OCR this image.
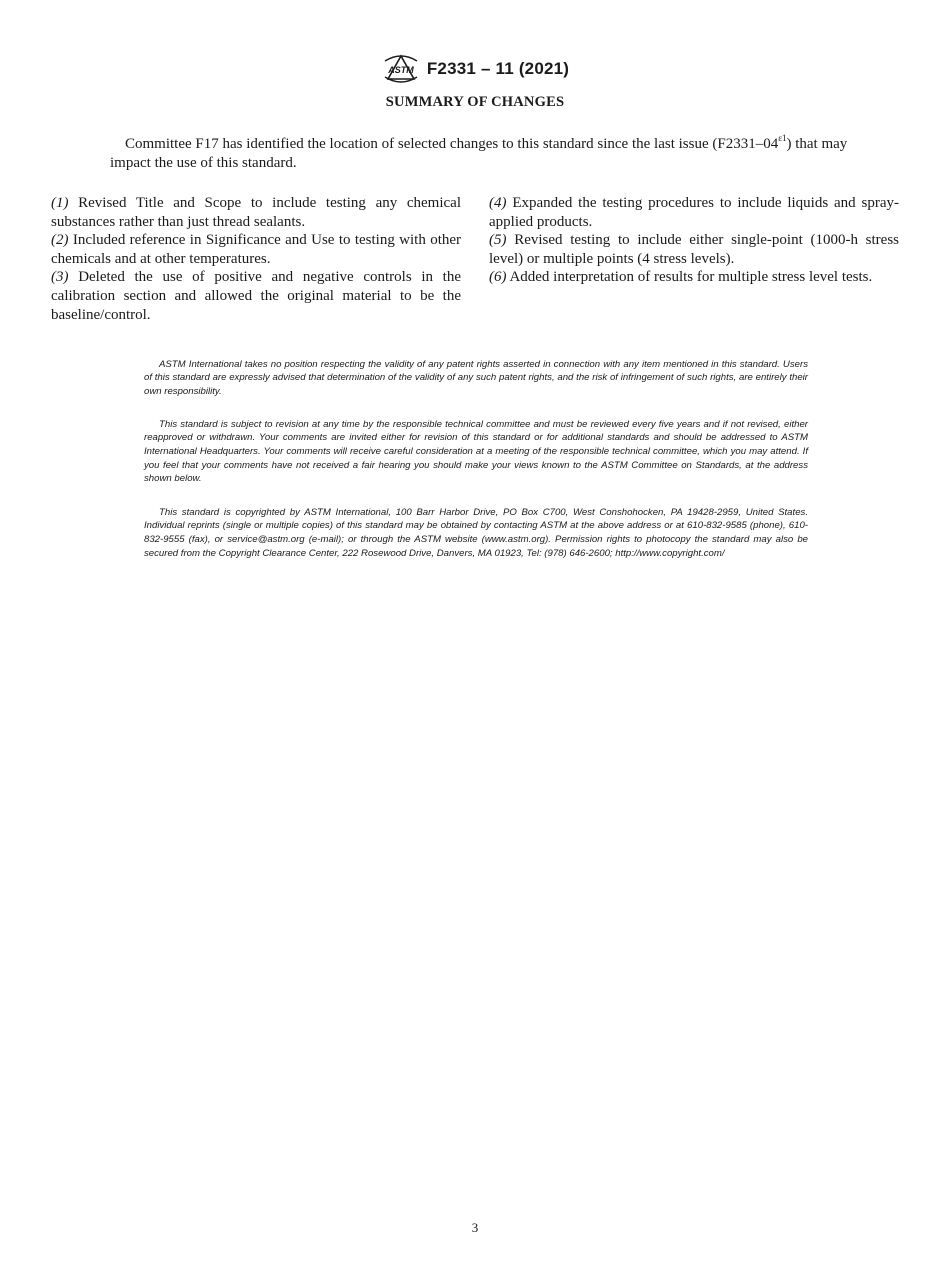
ASTM F2331 – 11 (2021)
SUMMARY OF CHANGES
Committee F17 has identified the location of selected changes to this standard since the last issue $(F2331-04^{\varepsilon 1})$ that may impact the use of this standard.

(1) Revised Title and Scope to include testing any chemical substances rather than just thread sealants.

(2) Included reference in Significance and Use to testing with other chemicals and at other temperatures.

(3) Deleted the use of positive and negative controls in the calibration section and allowed the original material to be the baseline/control.

(4) Expanded the testing procedures to include liquids and spray-applied products.

(5) Revised testing to include either single-point (1000-h stress level) or multiple points (4 stress levels).

(6) Added interpretation of results for multiple stress level tests.

ASTM International takes no position respecting the validity of any patent rights asserted in connection with any item mentioned in this standard. Users of this standard are expressly advised that determination of the validity of any such patent rights, and the risk of infringement of such rights, are entirely their own responsibility.

This standard is subject to revision at any time by the responsible technical committee and must be reviewed every five years and if not revised, either reapproved or withdrawn. Your comments are invited either for revision of this standard or for additional standards and should be addressed to ASTM International Headquarters. Your comments will receive careful consideration at a meeting of the responsible technical committee, which you may attend. If you feel that your comments have not received a fair hearing you should make your views known to the ASTM Committee on Standards, at the address shown below.

This standard is copyrighted by ASTM International, 100 Barr Harbor Drive, PO Box C700, West Conshohocken, PA 19428-2959, United States. Individual reprints (single or multiple copies) of this standard may be obtained by contacting ASTM at the above address or at 610-832-9585 (phone), 610-832-9555 (fax), or service@astm.org (e-mail); or through the ASTM website (www.astm.org). Permission rights to photocopy the standard may also be secured from the Copyright Clearance Center, 222 Rosewood Drive, Danvers, MA 01923, Tel: (978) 646-2600; http://www.copyright.com/

3
